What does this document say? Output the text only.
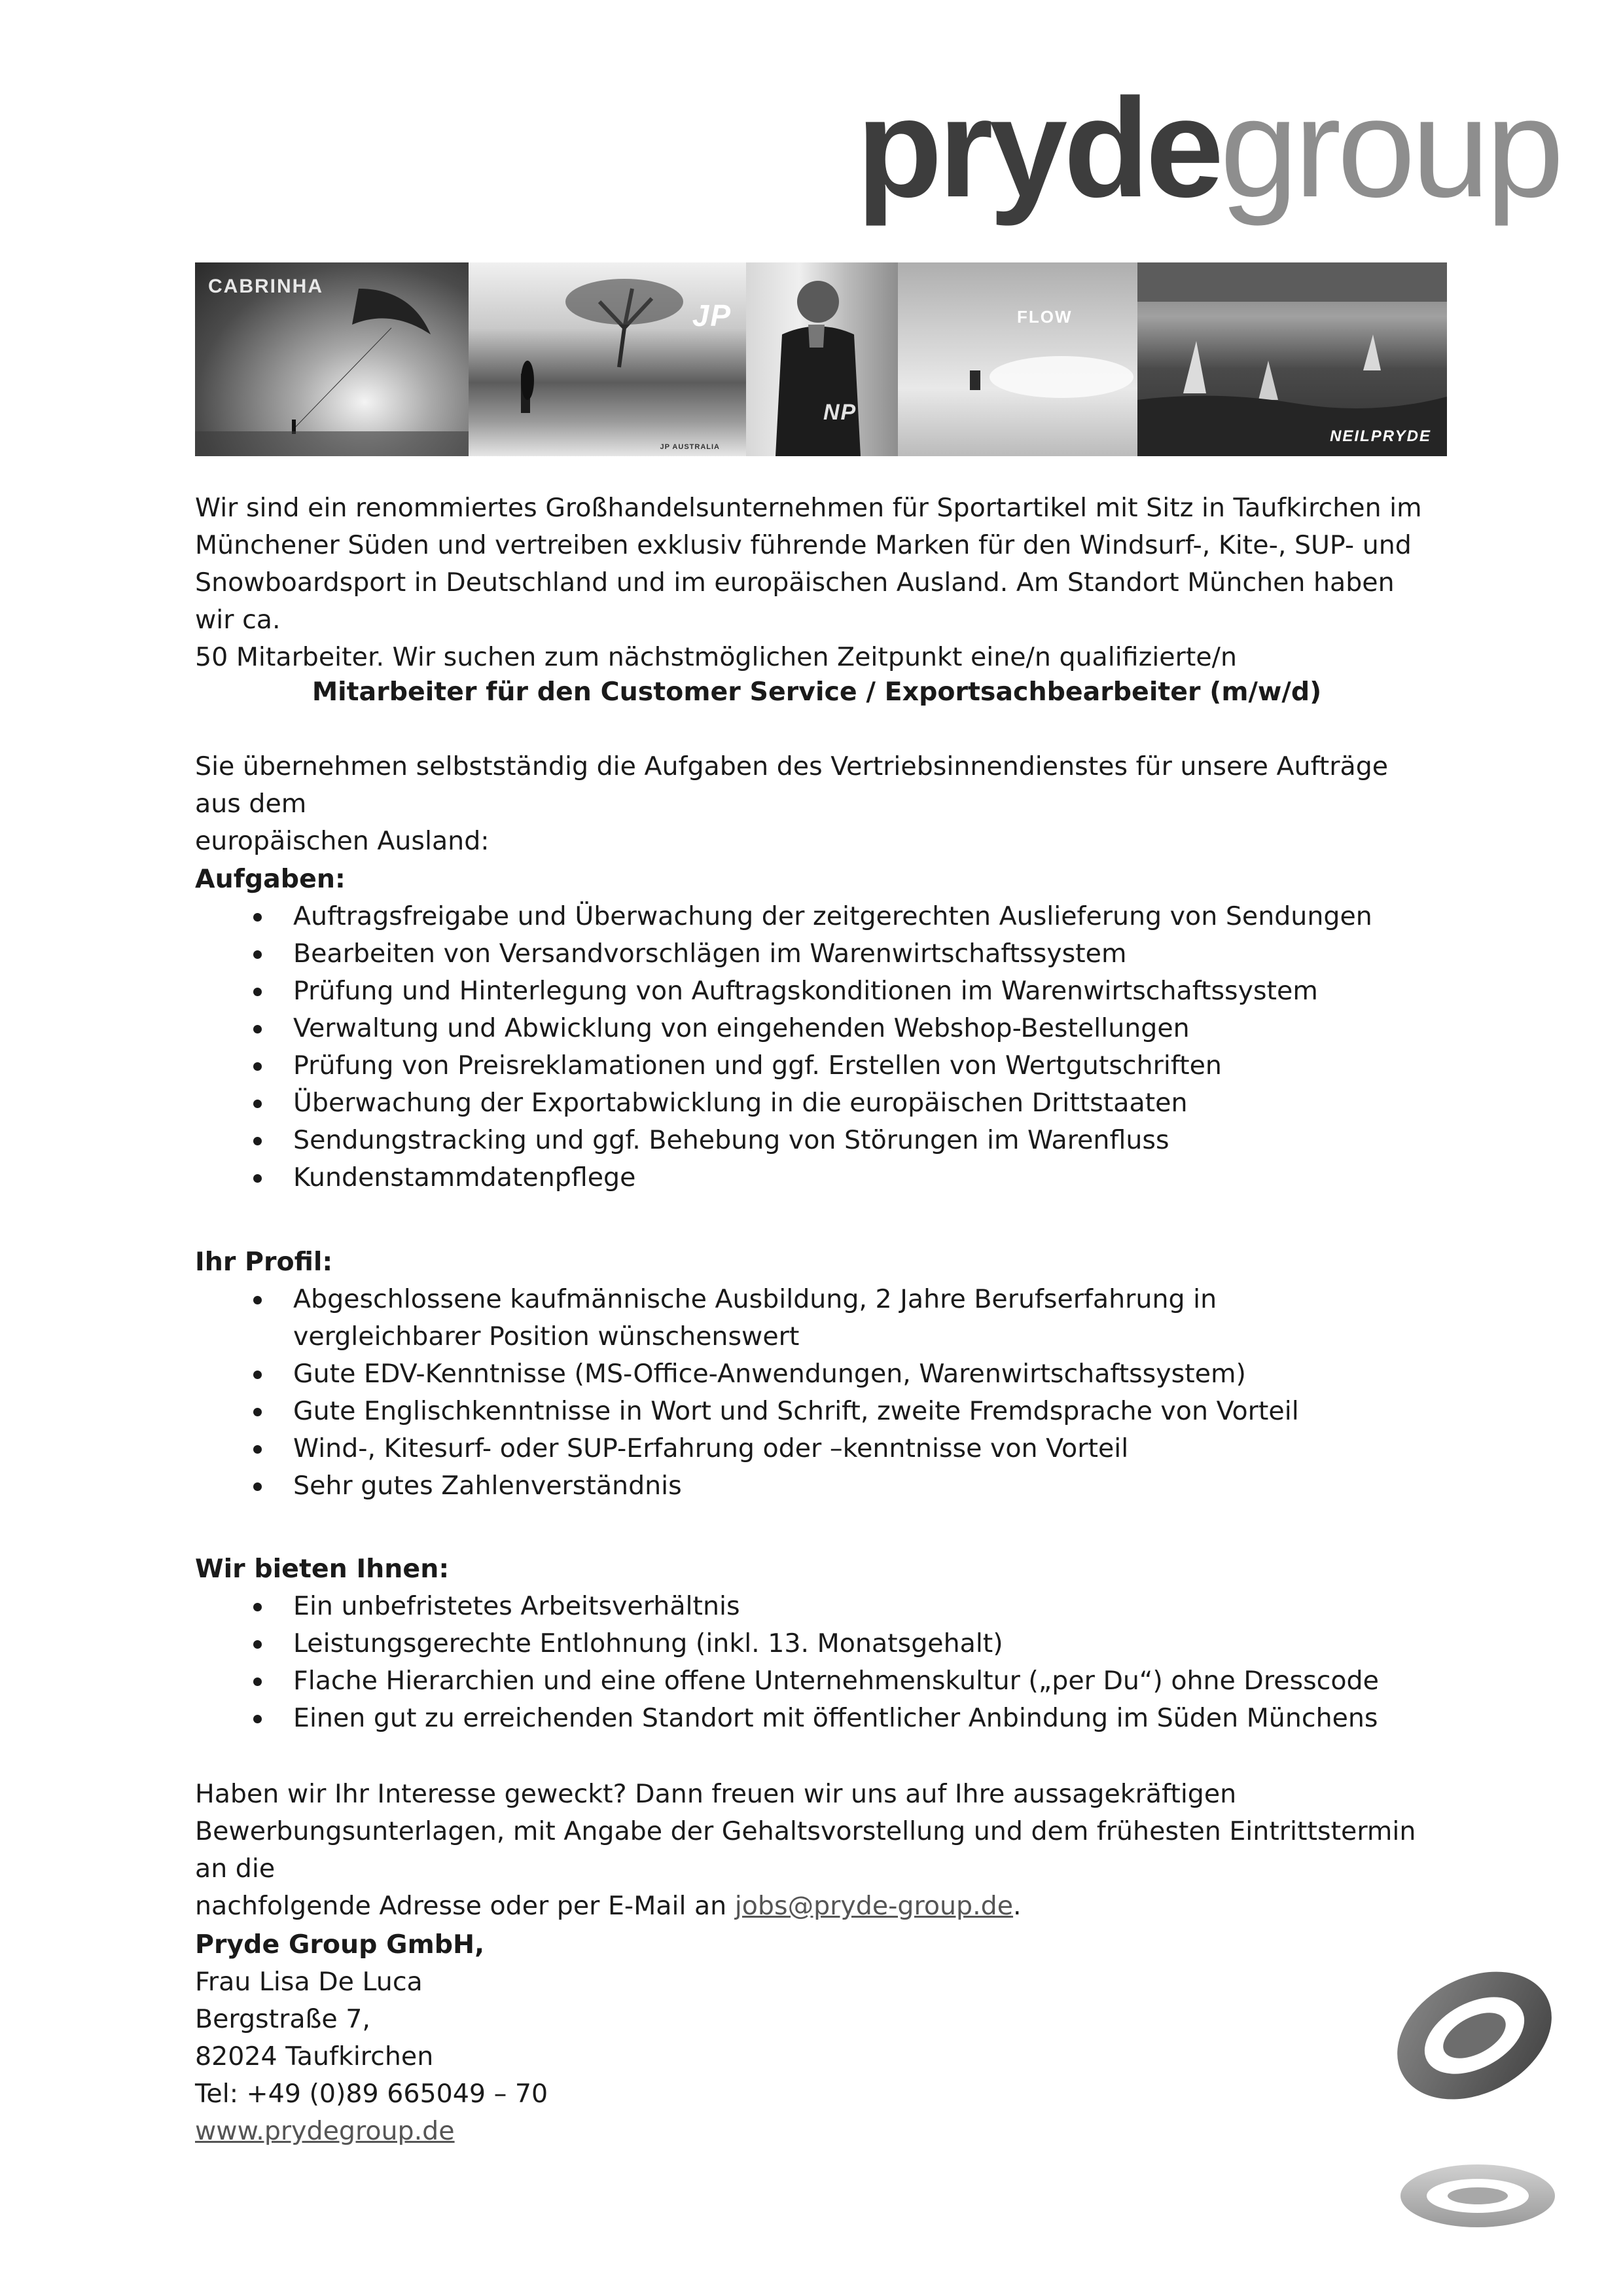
prydegroup
CABRINHA
JP
JP AUSTRALIA
NP
FLOW
NEILPRYDE

Wir sind ein renommiertes Großhandelsunternehmen für Sportartikel mit Sitz in Taufkirchen im

Münchener Süden und vertreiben exklusiv führende Marken für den Windsurf-, Kite-, SUP- und

Snowboardsport in Deutschland und im europäischen Ausland. Am Standort München haben wir ca.

50 Mitarbeiter. Wir suchen zum nächstmöglichen Zeitpunkt eine/n qualifizierte/n

Mitarbeiter für den Customer Service / Exportsachbearbeiter (m/w/d)

Sie übernehmen selbstständig die Aufgaben des Vertriebsinnendienstes für unsere Aufträge aus dem

europäischen Ausland:

Aufgaben:

Auftragsfreigabe und Überwachung der zeitgerechten Auslieferung von Sendungen
Bearbeiten von Versandvorschlägen im Warenwirtschaftssystem
Prüfung und Hinterlegung von Auftragskonditionen im Warenwirtschaftssystem
Verwaltung und Abwicklung von eingehenden Webshop-Bestellungen
Prüfung von Preisreklamationen und ggf. Erstellen von Wertgutschriften
Überwachung der Exportabwicklung in die europäischen Drittstaaten
Sendungstracking und ggf. Behebung von Störungen im Warenfluss
Kundenstammdatenpflege

Ihr Profil:

Abgeschlossene kaufmännische Ausbildung, 2 Jahre Berufserfahrung in vergleichbarer Position wünschenswert
Gute EDV-Kenntnisse (MS-Office-Anwendungen, Warenwirtschaftssystem)
Gute Englischkenntnisse in Wort und Schrift, zweite Fremdsprache von Vorteil
Wind-, Kitesurf- oder SUP-Erfahrung oder –kenntnisse von Vorteil
Sehr gutes Zahlenverständnis

Wir bieten Ihnen:

Ein unbefristetes Arbeitsverhältnis
Leistungsgerechte Entlohnung (inkl. 13. Monatsgehalt)
Flache Hierarchien und eine offene Unternehmenskultur („per Du“) ohne Dresscode
Einen gut zu erreichenden Standort mit öffentlicher Anbindung im Süden Münchens

Haben wir Ihr Interesse geweckt? Dann freuen wir uns auf Ihre aussagekräftigen

Bewerbungsunterlagen, mit Angabe der Gehaltsvorstellung und dem frühesten Eintrittstermin an die

nachfolgende Adresse oder per E-Mail an jobs@pryde-group.de.

Pryde Group GmbH,

Frau Lisa De Luca

Bergstraße 7,

82024 Taufkirchen

Tel: +49 (0)89 665049 – 70

www.prydegroup.de
